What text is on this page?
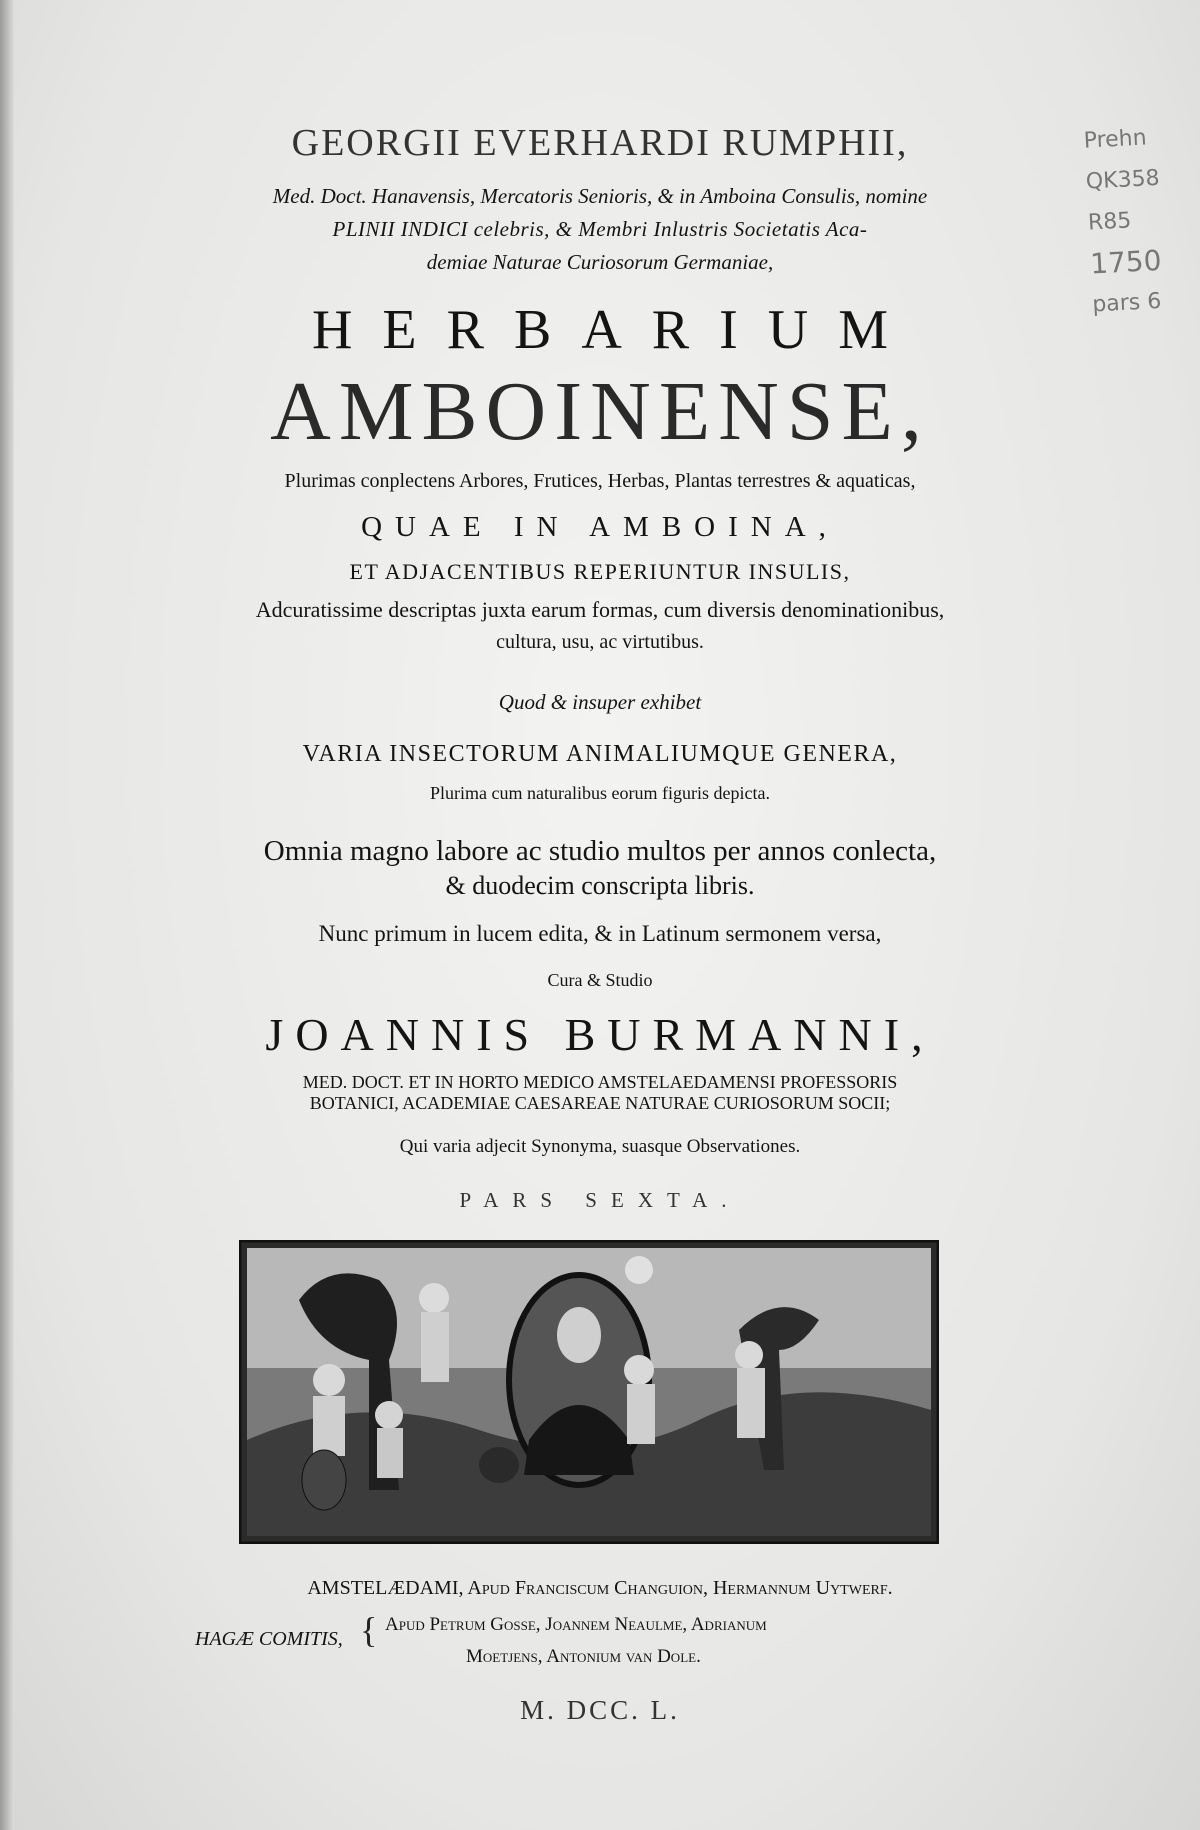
GEORGII EVERHARDI RUMPHII,
Med. Doct. Hanavensis, Mercatoris Senioris, & in Amboina Consulis, nomine
PLINII INDICI celebris, & Membri Inlustris Societatis Aca-
demiae Naturae Curiosorum Germaniae,
HERBARIUM
AMBOINENSE,
Plurimas conplectens Arbores, Frutices, Herbas, Plantas terrestres & aquaticas,
QUAE IN AMBOINA,
ET ADJACENTIBUS REPERIUNTUR INSULIS,
Adcuratissime descriptas juxta earum formas, cum diversis denominationibus,
cultura, usu, ac virtutibus.
Quod & insuper exhibet
VARIA INSECTORUM ANIMALIUMQUE GENERA,
Plurima cum naturalibus eorum figuris depicta.
Omnia magno labore ac studio multos per annos conlecta,
& duodecim conscripta libris.
Nunc primum in lucem edita, & in Latinum sermonem versa,
Cura & Studio
JOANNIS BURMANNI,
MED. DOCT. ET IN HORTO MEDICO AMSTELAEDAMENSI PROFESSORIS
BOTANICI, ACADEMIAE CAESAREAE NATURAE CURIOSORUM SOCII;
Qui varia adjecit Synonyma, suasque Observationes.
PARS SEXTA.
AMSTELÆDAMI, Apud Franciscum Changuion, Hermannum Uytwerf.
HAGÆ COMITIS, { Apud Petrum Gosse, Joannem Neaulme, Adrianum
Moetjens, Antonium van Dole.
M. DCC. L.
Prehn
QK358
R85
1750
pars 6
